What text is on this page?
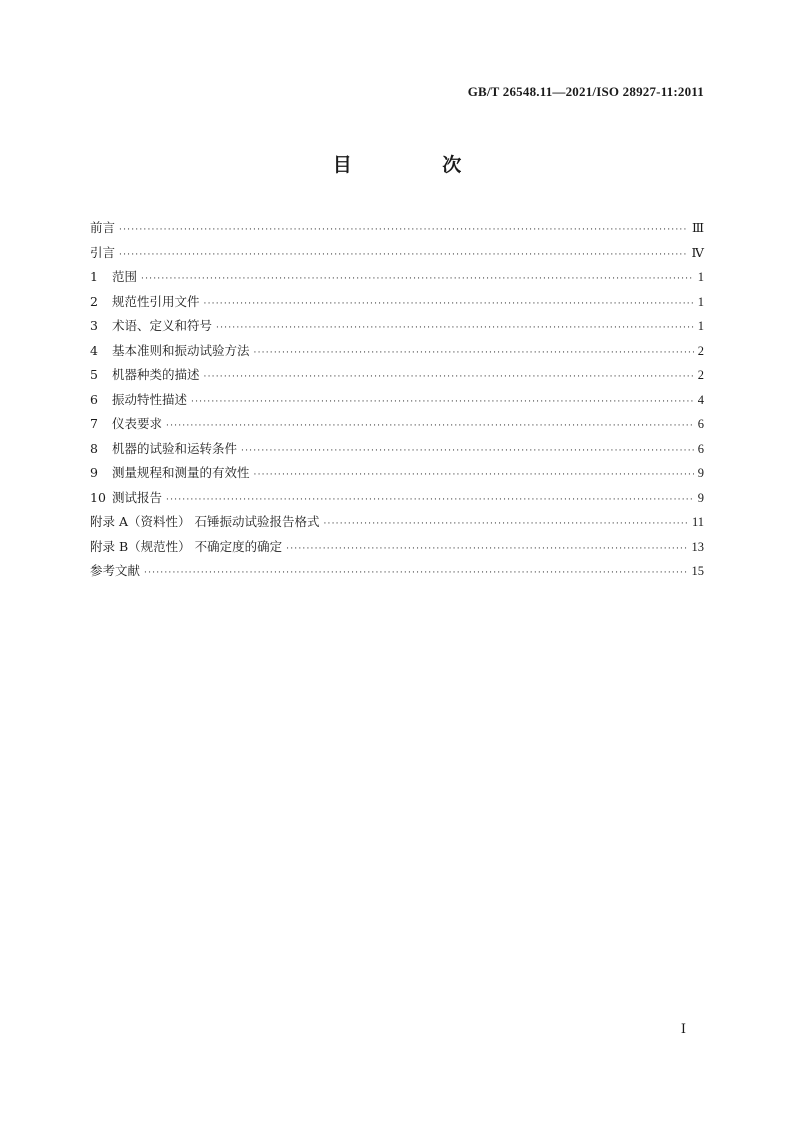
GB/T 26548.11—2021/ISO 28927-11:2011
目 次
前言 ·····	Ⅲ
引言 ·····	Ⅳ
1 范围 ·····	1
2 规范性引用文件 ·····	1
3 术语、定义和符号 ·····	1
4 基本准则和振动试验方法 ·····	2
5 机器种类的描述 ·····	2
6 振动特性描述 ·····	4
7 仪表要求 ·····	6
8 机器的试验和运转条件 ·····	6
9 测量规程和测量的有效性 ·····	9
10 测试报告 ·····	9
附录 A（资料性） 石锤振动试验报告格式 ·····	11
附录 B（规范性） 不确定度的确定 ·····	13
参考文献 ·····	15
Ⅰ
